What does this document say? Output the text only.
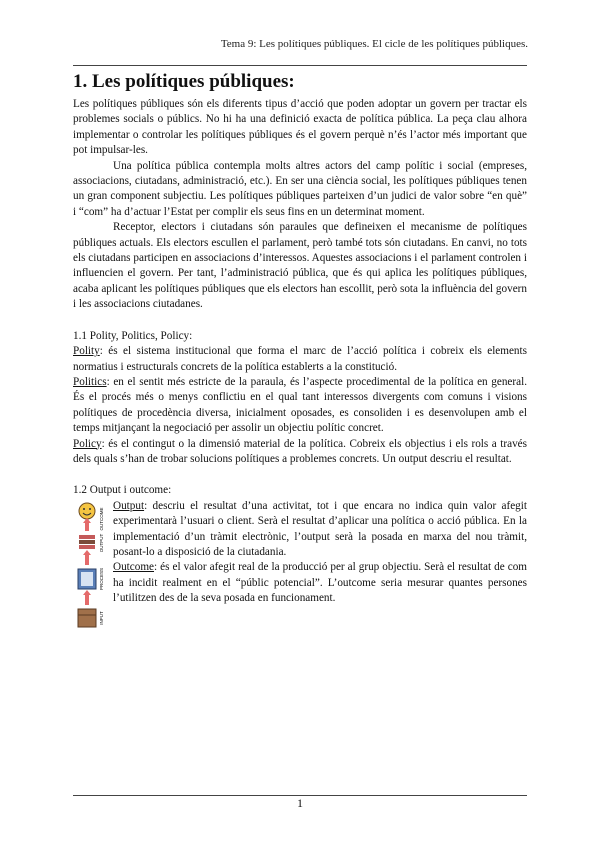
Tema 9: Les polítiques públiques. El cicle de les polítiques públiques.
1. Les polítiques públiques:

Les polítiques públiques són els diferents tipus d’acció que poden adoptar un govern per tractar els problemes socials o públics. No hi ha una definició exacta de política pública. La peça clau alhora implementar o controlar les polítiques públiques és el govern perquè n’és l’actor més important que pot impulsar-les.

Una política pública contempla molts altres actors del camp polític i social (empreses, associacions, ciutadans, administració, etc.). En ser una ciència social, les polítiques públiques tenen un gran component subjectiu. Les polítiques públiques parteixen d’un judici de valor sobre “en què” i “com” ha d’actuar l’Estat per complir els seus fins en un determinat moment.

Receptor, electors i ciutadans són paraules que defineixen el mecanisme de polítiques públiques actuals. Els electors escullen el parlament, però també tots són ciutadans. En canvi, no tots els ciutadans participen en associacions d’interessos. Aquestes associacions i el parlament controlen i influencien el govern. Per tant, l’administració pública, que és qui aplica les polítiques públiques, acaba aplicant les polítiques públiques que els electors han escollit, però sota la influència del govern i les associacions ciutadanes.

1.1 Polity, Politics, Policy:

Polity: és el sistema institucional que forma el marc de l’acció política i cobreix els elements normatius i estructurals concrets de la política establerts a la constitució.

Politics: en el sentit més estricte de la paraula, és l’aspecte procedimental de la política en general. És el procés més o menys conflictiu en el qual tant interessos divergents com comuns i visions polítiques de procedència diversa, inicialment oposades, es consoliden i es desenvolupen amb el temps mitjançant la negociació per assolir un objectiu polític concret.

Policy: és el contingut o la dimensió material de la política. Cobreix els objectius i els rols a través dels quals s’han de trobar solucions polítiques a problemes concrets. Un output descriu el resultat.

1.2 Output i outcome:
OUTCOME
OUTPUT
PROCESS
INPUT

Output: descriu el resultat d’una activitat, tot i que encara no indica quin valor afegit experimentarà l’usuari o client. Serà el resultat d’aplicar una política o acció pública. En la implementació d’un tràmit electrònic, l’output serà la posada en marxa del nou tràmit, posant-lo a disposició de la ciutadania.

Outcome: és el valor afegit real de la producció per al grup objectiu. Serà el resultat de com ha incidit realment en el “públic potencial”. L’outcome seria mesurar quantes persones l’utilitzen des de la seva posada en funcionament.

1
